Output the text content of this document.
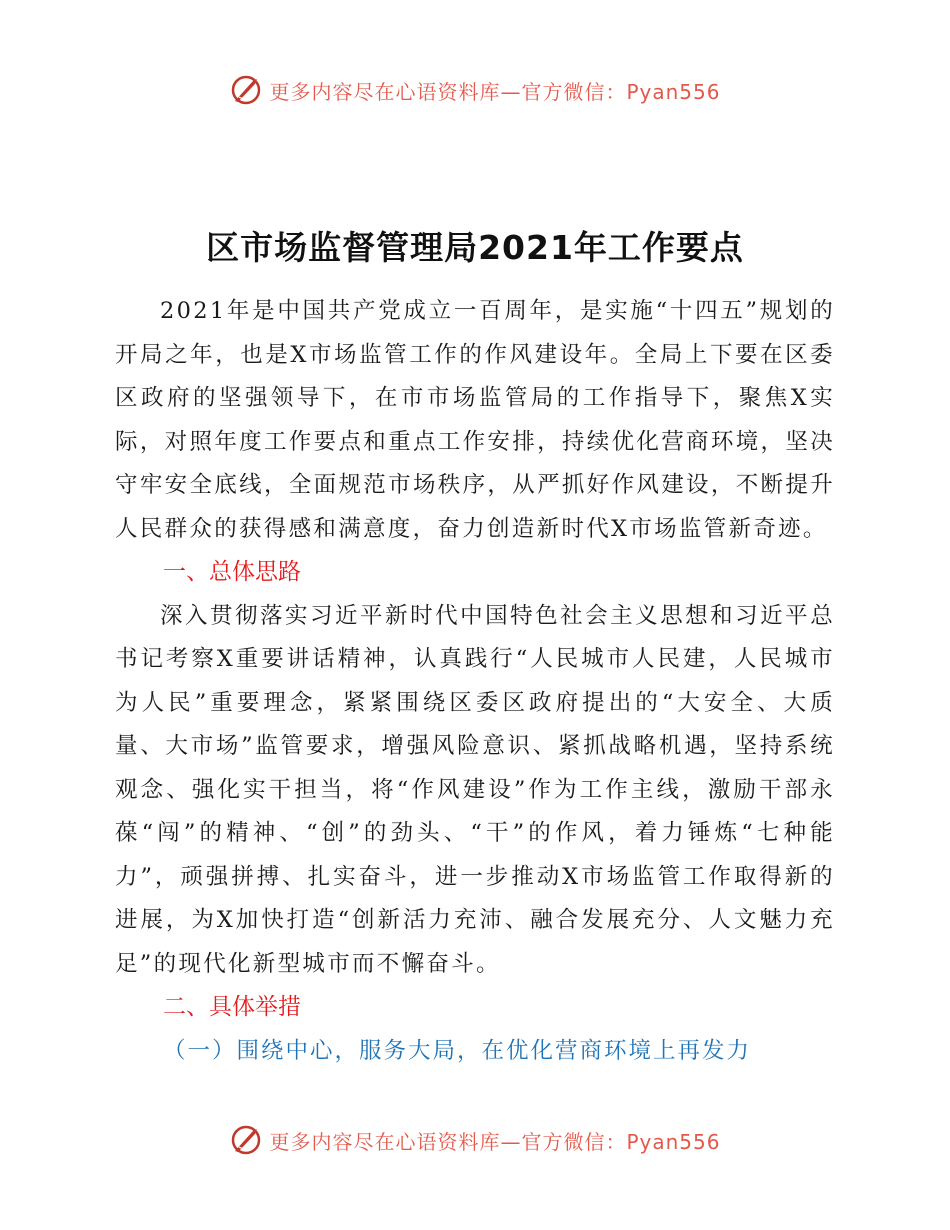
更多内容尽在心语资料库—官方微信：Pyan556
区市场监督管理局2021年工作要点

2021年是中国共产党成立一百周年，是实施“十四五”规划的开局之年，也是X市场监管工作的作风建设年。全局上下要在区委区政府的坚强领导下，在市市场监管局的工作指导下，聚焦X实际，对照年度工作要点和重点工作安排，持续优化营商环境，坚决守牢安全底线，全面规范市场秩序，从严抓好作风建设，不断提升人民群众的获得感和满意度，奋力创造新时代X市场监管新奇迹。

一、总体思路

深入贯彻落实习近平新时代中国特色社会主义思想和习近平总书记考察X重要讲话精神，认真践行“人民城市人民建，人民城市为人民”重要理念，紧紧围绕区委区政府提出的“大安全、大质量、大市场”监管要求，增强风险意识、紧抓战略机遇，坚持系统观念、强化实干担当，将“作风建设”作为工作主线，激励干部永葆“闯”的精神、“创”的劲头、“干”的作风，着力锤炼“七种能力”，顽强拼搏、扎实奋斗，进一步推动X市场监管工作取得新的进展，为X加快打造“创新活力充沛、融合发展充分、人文魅力充足”的现代化新型城市而不懈奋斗。

二、具体举措

（一）围绕中心，服务大局，在优化营商环境上再发力

更多内容尽在心语资料库—官方微信：Pyan556
